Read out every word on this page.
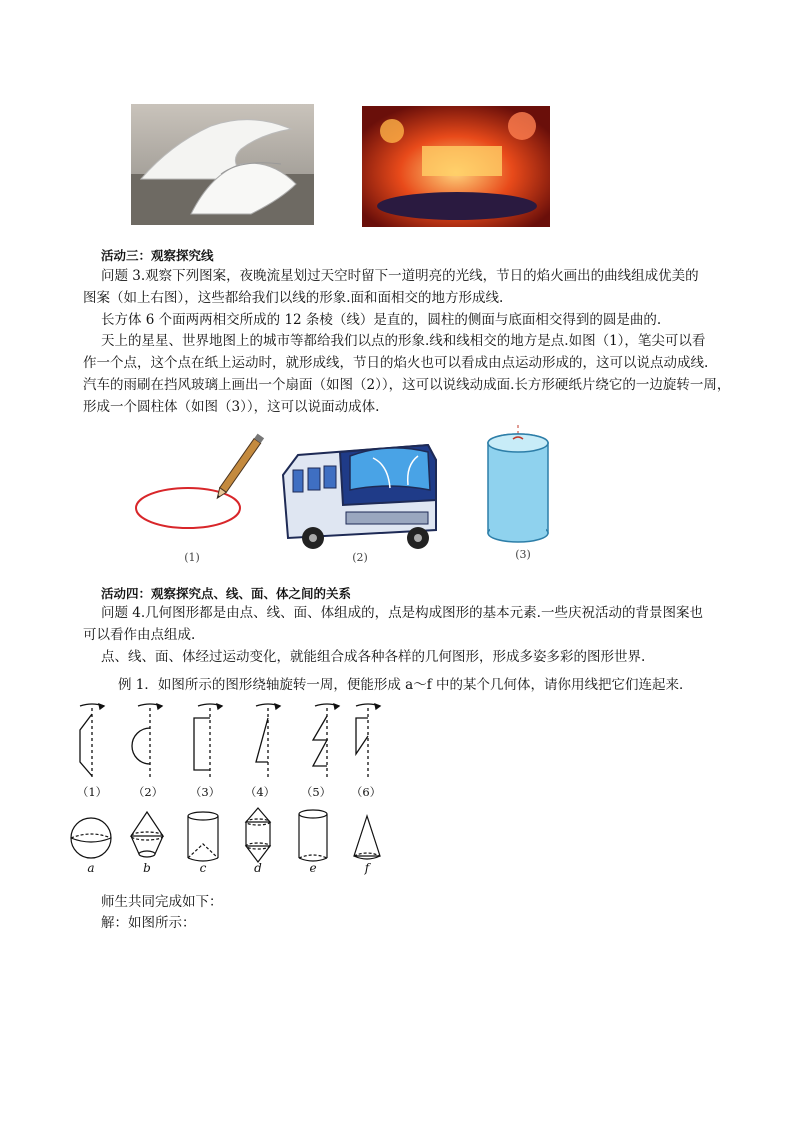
活动三：观察探究线
问题 3.观察下列图案，夜晚流星划过天空时留下一道明亮的光线，节日的焰火画出的曲线组成优美的
图案（如上右图），这些都给我们以线的形象.面和面相交的地方形成线.
长方体 6 个面两两相交所成的 12 条棱（线）是直的，圆柱的侧面与底面相交得到的圆是曲的.
天上的星星、世界地图上的城市等都给我们以点的形象.线和线相交的地方是点.如图（1），笔尖可以看
作一个点，这个点在纸上运动时，就形成线，节日的焰火也可以看成由点运动形成的，这可以说点动成线.
汽车的雨刷在挡风玻璃上画出一个扇面（如图（2）），这可以说线动成面.长方形硬纸片绕它的一边旋转一周，
形成一个圆柱体（如图（3）），这可以说面动成体.
(1)	(2)	(3)
活动四：观察探究点、线、面、体之间的关系
问题 4.几何图形都是由点、线、面、体组成的，点是构成图形的基本元素.一些庆祝活动的背景图案也
可以看作由点组成.
点、线、面、体经过运动变化，就能组合成各种各样的几何图形，形成多姿多彩的图形世界.
例 1．如图所示的图形绕轴旋转一周，便能形成 a～f 中的某个几何体，请你用线把它们连起来．
（1）	（2）	（3）	（4）	（5）	（6）
a	b	c	d	e	f
师生共同完成如下：
解：如图所示：
